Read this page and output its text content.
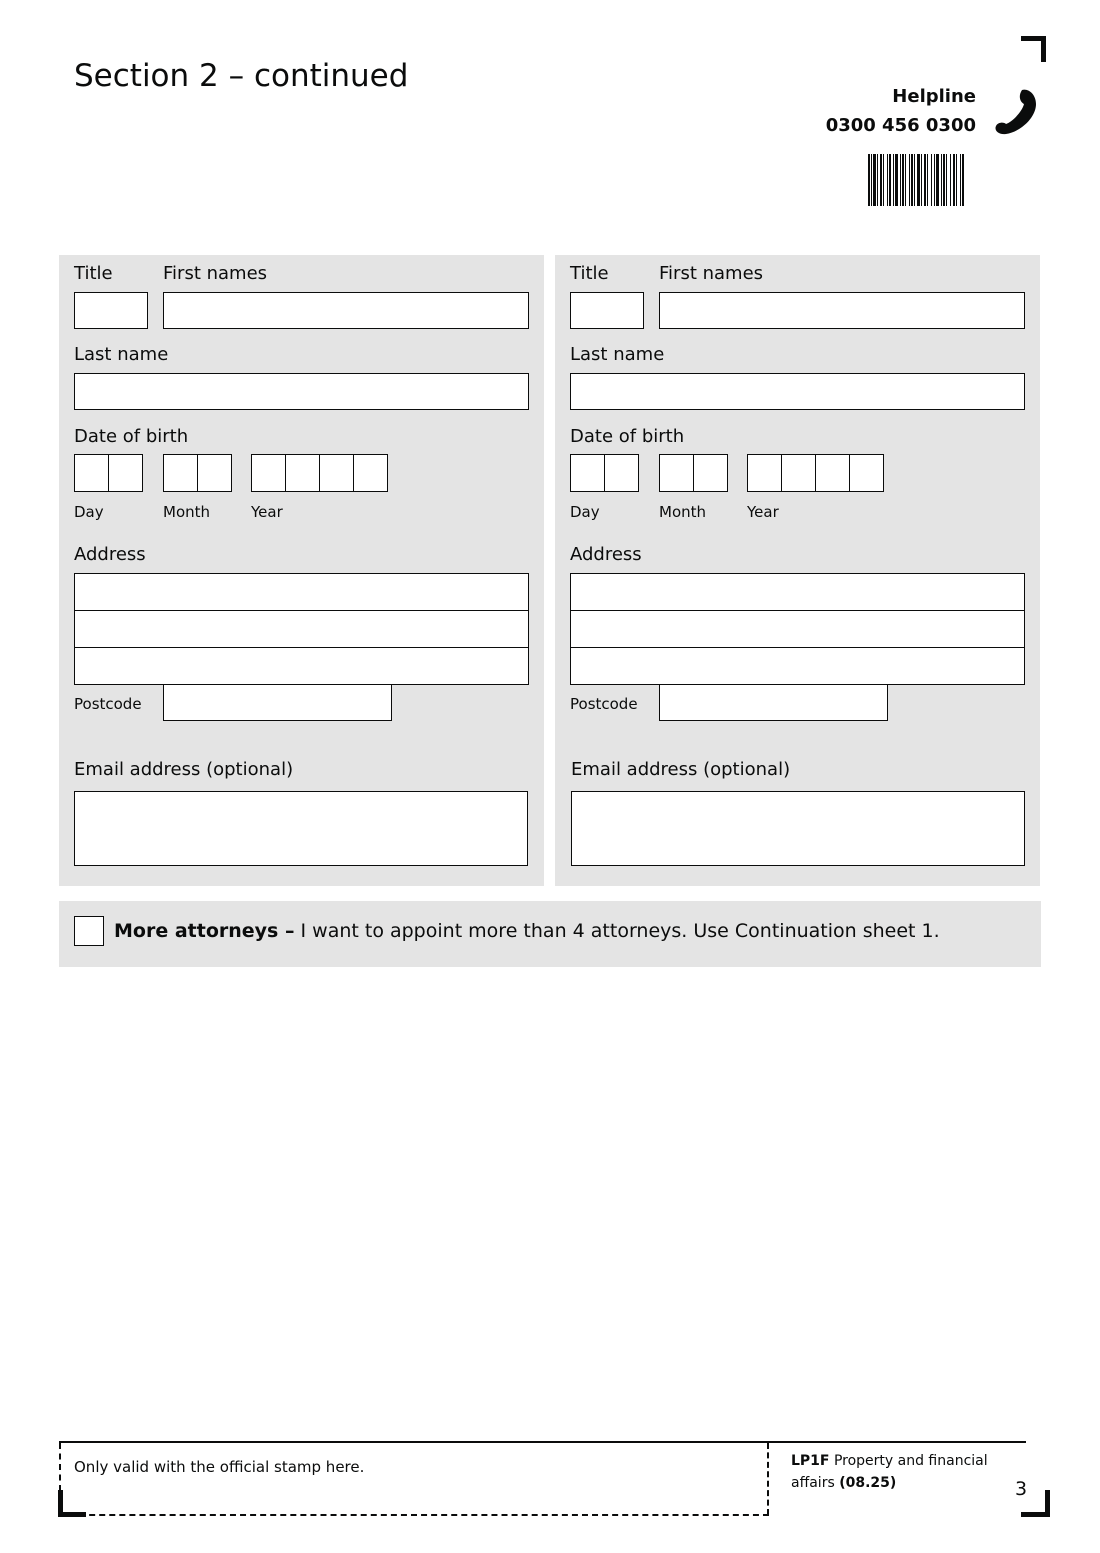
Section 2 – continued
Helpline
0300 456 0300
Title	First names
Last name
Date of birth
Day	Month	Year
Address
Postcode
Email address (optional)
Title	First names
Last name
Date of birth
Day	Month	Year
Address
Postcode
Email address (optional)
More attorneys – I want to appoint more than 4 attorneys. Use Continuation sheet 1.
Only valid with the official stamp here.	LP1F Property and financial affairs (08.25)	3
